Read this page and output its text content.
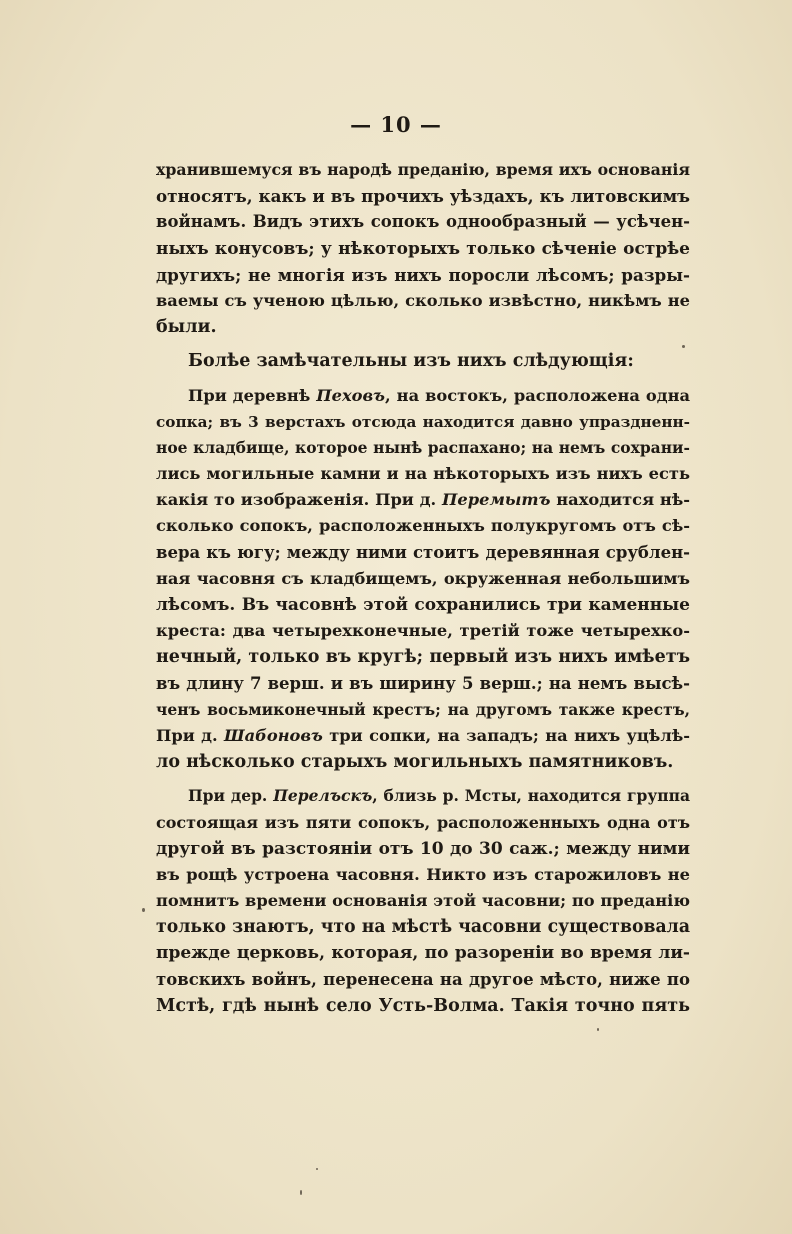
— 10 —
хранившемуся въ народѣ преданію, время ихъ основанія
относятъ, какъ и въ прочихъ уѣздахъ, къ литовскимъ
войнамъ. Видъ этихъ сопокъ однообразный — усѣчен-
ныхъ конусовъ; у нѣкоторыхъ только сѣченіе острѣе
другихъ; не многія изъ нихъ поросли лѣсомъ; разры-
ваемы съ ученою цѣлью, сколько извѣстно, никѣмъ не
были.
Болѣе замѣчательны изъ нихъ слѣдующія:
При деревнѣ Пеховъ, на востокъ, расположена одна
сопка; въ 3 верстахъ отсюда находится давно упраздненн-
ное кладбище, которое нынѣ распахано; на немъ сохрани-
лись могильные камни и на нѣкоторыхъ изъ нихъ есть
какія то изображенія. При д. Перемытъ находится нѣ-
сколько сопокъ, расположенныхъ полукругомъ отъ сѣ-
вера къ югу; между ними стоитъ деревянная срублен-
ная часовня съ кладбищемъ, окруженная небольшимъ
лѣсомъ. Въ часовнѣ этой сохранились три каменные
креста: два четырехконечные, третій тоже четырехко-
нечный, только въ кругѣ; первый изъ нихъ имѣетъ
въ длину 7 верш. и въ ширину 5 верш.; на немъ высѣ-
ченъ восьмиконечный крестъ; на другомъ также крестъ,
При д. Шабоновъ три сопки, на западъ; на нихъ уцѣлѣ-
ло нѣсколько старыхъ могильныхъ памятниковъ.
При дер. Перелъскъ, близь р. Мсты, находится группа
состоящая изъ пяти сопокъ, расположенныхъ одна отъ
другой въ разстояніи отъ 10 до 30 саж.; между ними
въ рощѣ устроена часовня. Никто изъ старожиловъ не
помнитъ времени основанія этой часовни; по преданію
только знаютъ, что на мѣстѣ часовни существовала
прежде церковь, которая, по разореніи во время ли-
товскихъ войнъ, перенесена на другое мѣсто, ниже по
Мстѣ, гдѣ нынѣ село Усть-Волма. Такія точно пять
